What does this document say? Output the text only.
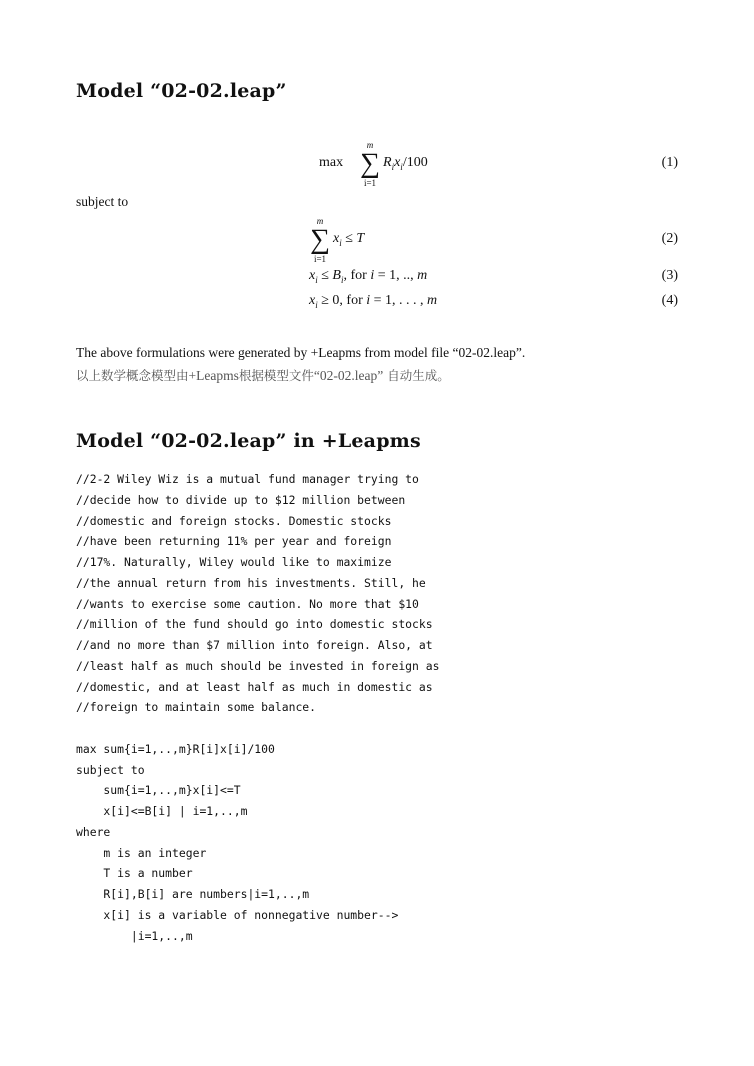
Model “02-02.leap”
max
m
∑
i=1
$R_ix_i/100$	(1)
subject to
m
∑
i=1
$x_i \le T$	(2)
$x_i \le B_i$, for i = 1, .., m	(3)
$x_i \ge 0$, for i = 1, . . . , m	(4)
The above formulations were generated by +Leapms from model file “02-02.leap”.
以上数学概念模型由+Leapms根据模型文件“02-02.leap” 自动生成。
Model “02-02.leap” in +Leapms
//2-2 Wiley Wiz is a mutual fund manager trying to
//decide how to divide up to $12 million between
//domestic and foreign stocks. Domestic stocks
//have been returning 11% per year and foreign
//17%. Naturally, Wiley would like to maximize
//the annual return from his investments. Still, he
//wants to exercise some caution. No more that $10
//million of the fund should go into domestic stocks
//and no more than $7 million into foreign. Also, at
//least half as much should be invested in foreign as
//domestic, and at least half as much in domestic as
//foreign to maintain some balance.
max sum{i=1,..,m}R[i]x[i]/100
subject to
sum{i=1,..,m}x[i]<=T
x[i]<=B[i] | i=1,..,m
where
m is an integer
T is a number
R[i],B[i] are numbers|i=1,..,m
x[i] is a variable of nonnegative number-->
|i=1,..,m
